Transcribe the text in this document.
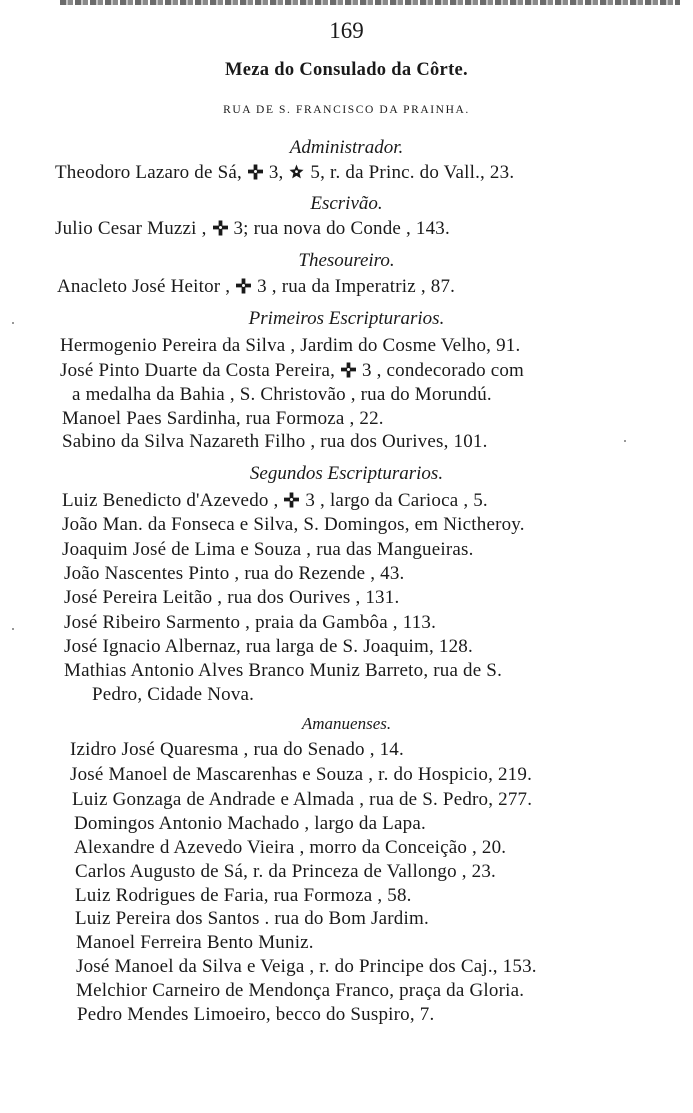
169
Meza do Consulado da Côrte.
RUA DE S. FRANCISCO DA PRAINHA.
Administrador.
Theodoro Lazaro de Sá, 3, 5, r. da Princ. do Vall., 23.
Escrivão.
Julio Cesar Muzzi , 3; rua nova do Conde , 143.
Thesoureiro.
Anacleto José Heitor , 3 , rua da Imperatriz , 87.
Primeiros Escripturarios.
Hermogenio Pereira da Silva , Jardim do Cosme Velho, 91.
José Pinto Duarte da Costa Pereira, 3 , condecorado com
a medalha da Bahia , S. Christovão , rua do Morundú.
Manoel Paes Sardinha, rua Formoza , 22.
Sabino da Silva Nazareth Filho , rua dos Ourives, 101.
Segundos Escripturarios.
Luiz Benedicto d'Azevedo , 3 , largo da Carioca , 5.
João Man. da Fonseca e Silva, S. Domingos, em Nictheroy.
Joaquim José de Lima e Souza , rua das Mangueiras.
João Nascentes Pinto , rua do Rezende , 43.
José Pereira Leitão , rua dos Ourives , 131.
José Ribeiro Sarmento , praia da Gambôa , 113.
José Ignacio Albernaz, rua larga de S. Joaquim, 128.
Mathias Antonio Alves Branco Muniz Barreto, rua de S.
Pedro, Cidade Nova.
Amanuenses.
Izidro José Quaresma , rua do Senado , 14.
José Manoel de Mascarenhas e Souza , r. do Hospicio, 219.
Luiz Gonzaga de Andrade e Almada , rua de S. Pedro, 277.
Domingos Antonio Machado , largo da Lapa.
Alexandre d Azevedo Vieira , morro da Conceição , 20.
Carlos Augusto de Sá, r. da Princeza de Vallongo , 23.
Luiz Rodrigues de Faria, rua Formoza , 58.
Luiz Pereira dos Santos . rua do Bom Jardim.
Manoel Ferreira Bento Muniz.
José Manoel da Silva e Veiga , r. do Principe dos Caj., 153.
Melchior Carneiro de Mendonça Franco, praça da Gloria.
Pedro Mendes Limoeiro, becco do Suspiro, 7.
